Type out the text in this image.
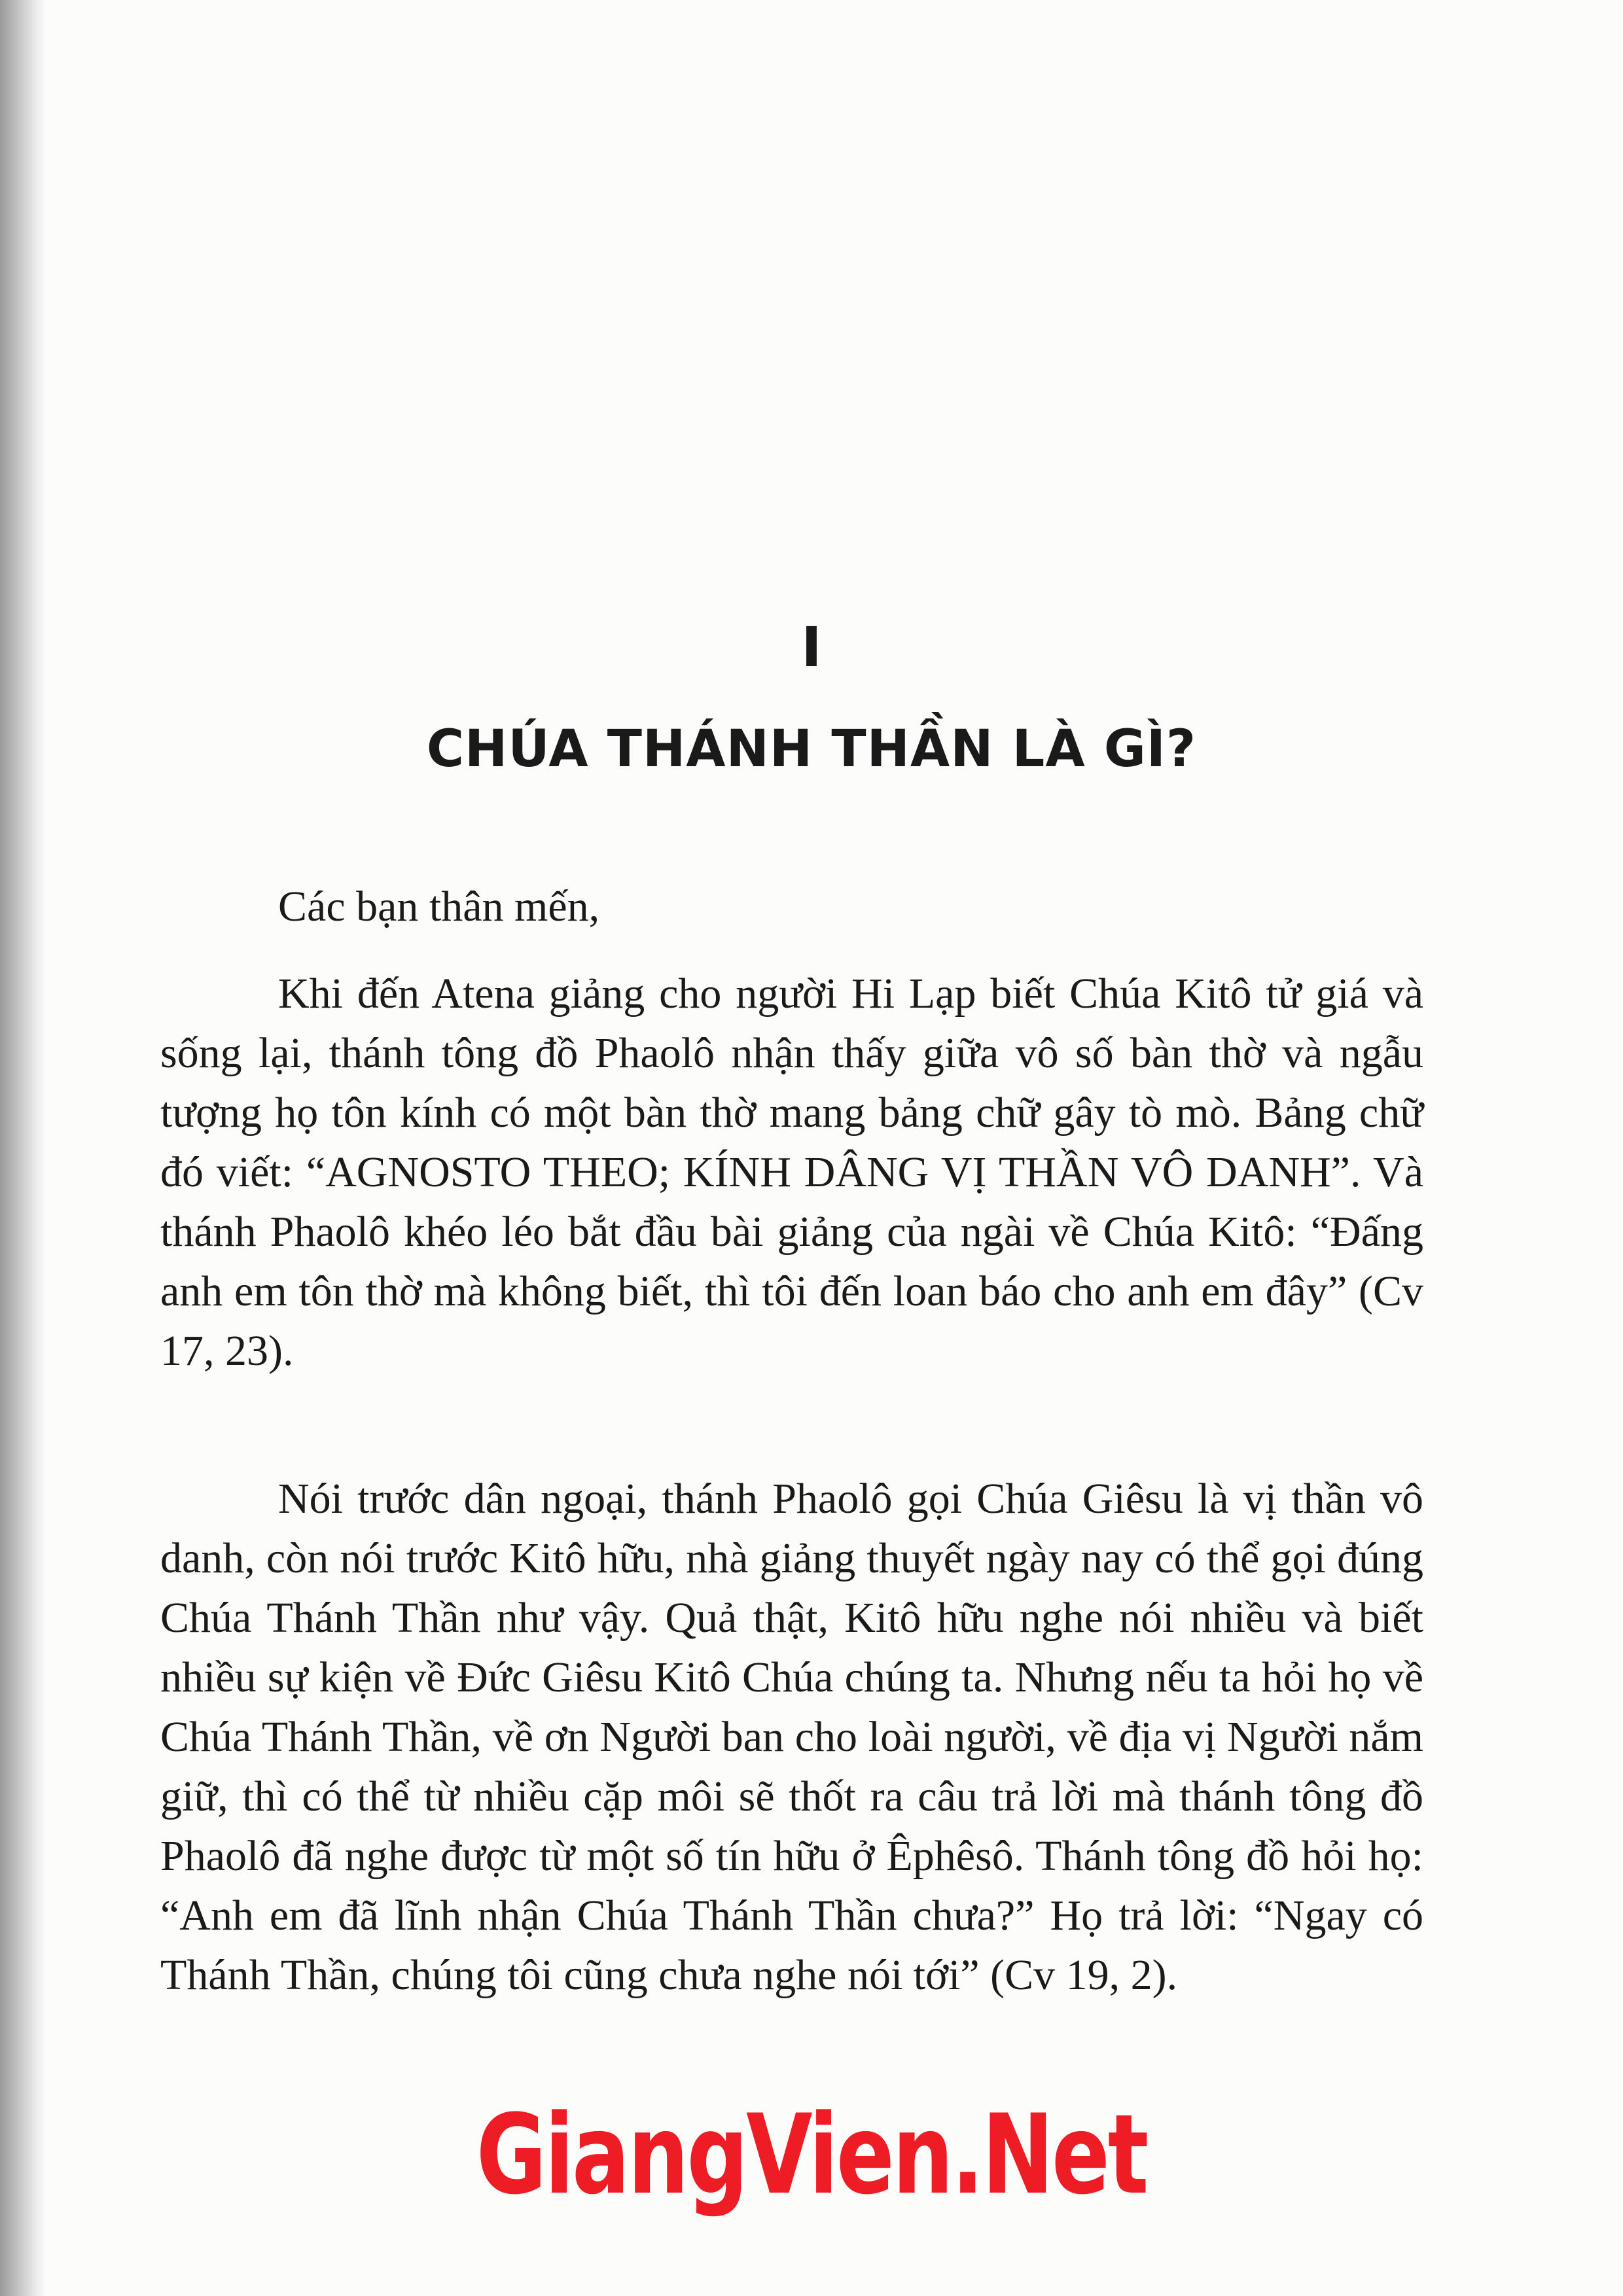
I
CHÚA THÁNH THẦN LÀ GÌ?
Các bạn thân mến,
Khi đến Atena giảng cho người Hi Lạp biết Chúa Kitô tử giá và sống lại, thánh tông đồ Phaolô nhận thấy giữa vô số bàn thờ và ngẫu tượng họ tôn kính có một bàn thờ mang bảng chữ gây tò mò. Bảng chữ đó viết: “AGNOSTO THEO; KÍNH DÂNG VỊ THẦN VÔ DANH”. Và thánh Phaolô khéo léo bắt đầu bài giảng của ngài về Chúa Kitô: “Đấng anh em tôn thờ mà không biết, thì tôi đến loan báo cho anh em đây” (Cv 17, 23).
Nói trước dân ngoại, thánh Phaolô gọi Chúa Giêsu là vị thần vô danh, còn nói trước Kitô hữu, nhà giảng thuyết ngày nay có thể gọi đúng Chúa Thánh Thần như vậy. Quả thật, Kitô hữu nghe nói nhiều và biết nhiều sự kiện về Đức Giêsu Kitô Chúa chúng ta. Nhưng nếu ta hỏi họ về Chúa Thánh Thần, về ơn Người ban cho loài người, về địa vị Người nắm giữ, thì có thể từ nhiều cặp môi sẽ thốt ra câu trả lời mà thánh tông đồ Phaolô đã nghe được từ một số tín hữu ở Êphêsô. Thánh tông đồ hỏi họ: “Anh em đã lĩnh nhận Chúa Thánh Thần chưa?” Họ trả lời: “Ngay có Thánh Thần, chúng tôi cũng chưa nghe nói tới” (Cv 19, 2).
GiangVien.Net
